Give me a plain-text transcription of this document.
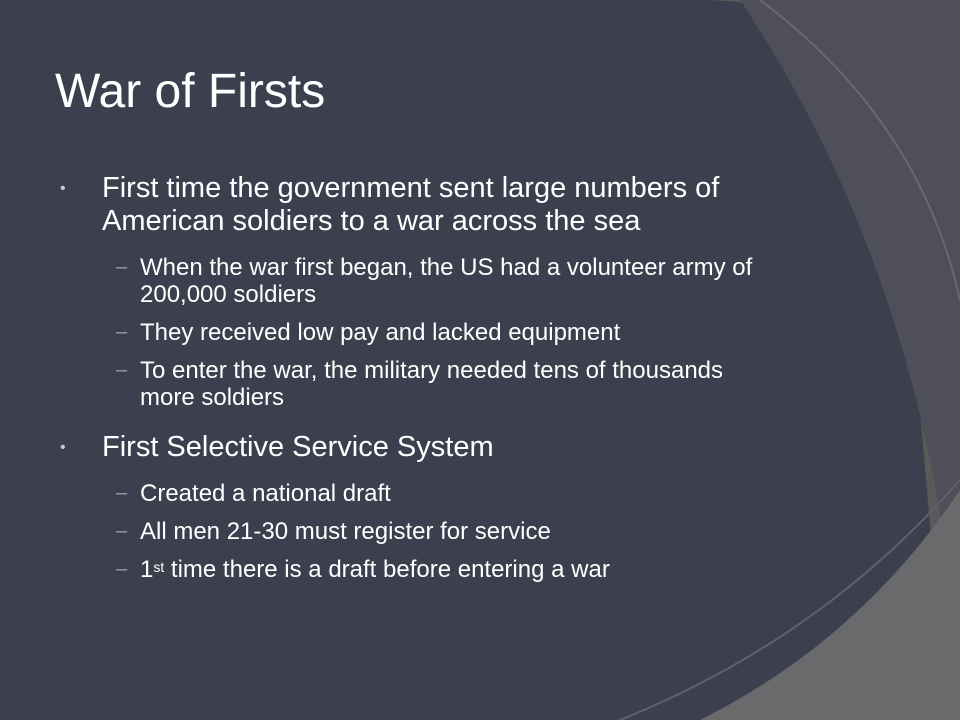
War of Firsts
• First time the government sent large numbers of American soldiers to a war across the sea
– When the war first began, the US had a volunteer army of 200,000 soldiers
– They received low pay and lacked equipment
– To enter the war, the military needed tens of thousands more soldiers
• First Selective Service System
– Created a national draft
– All men 21-30 must register for service
– 1st time there is a draft before entering a war
